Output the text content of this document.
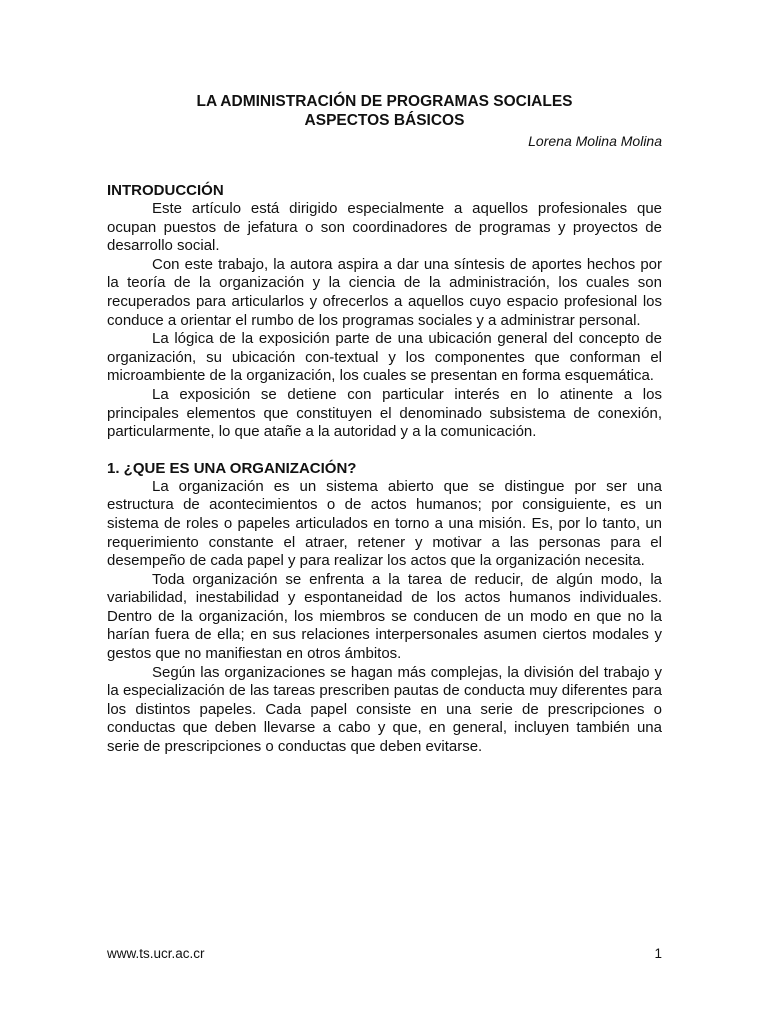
LA ADMINISTRACIÓN DE PROGRAMAS SOCIALES

ASPECTOS BÁSICOS

Lorena Molina Molina

INTRODUCCIÓN

Este artículo está dirigido especialmente a aquellos profesionales que ocupan puestos de jefatura o son coordinadores de programas y proyectos de desarrollo social.

Con este trabajo, la autora aspira a dar una síntesis de aportes hechos por la teoría de la organización y la ciencia de la administración, los cuales son recuperados para articularlos y ofrecerlos a aquellos cuyo espacio profesional los conduce a orientar el rumbo de los programas sociales y a administrar personal.

La lógica de la exposición parte de una ubicación general del concepto de organización, su ubicación con-textual y los componentes que conforman el microambiente de la organización, los cuales se presentan en forma esquemática.

La exposición se detiene con particular interés en lo atinente a los principales elementos que constituyen el denominado subsistema de conexión, particularmente, lo que atañe a la autoridad y a la comunicación.

1. ¿QUE ES UNA ORGANIZACIÓN?

La organización es un sistema abierto que se distingue por ser una estructura de acontecimientos o de actos humanos; por consiguiente, es un sistema de roles o papeles articulados en torno a una misión. Es, por lo tanto, un requerimiento constante el atraer, retener y motivar a las personas para el desempeño de cada papel y para realizar los actos que la organización necesita.

Toda organización se enfrenta a la tarea de reducir, de algún modo, la variabilidad, inestabilidad y espontaneidad de los actos humanos individuales. Dentro de la organización, los miembros se conducen de un modo en que no la harían fuera de ella; en sus relaciones interpersonales asumen ciertos modales y gestos que no manifiestan en otros ámbitos.

Según las organizaciones se hagan más complejas, la división del trabajo y la especialización de las tareas prescriben pautas de conducta muy diferentes para los distintos papeles. Cada papel consiste en una serie de prescripciones o conductas que deben llevarse a cabo y que, en general, incluyen también una serie de prescripciones o conductas que deben evitarse.

www.ts.ucr.ac.cr	1
